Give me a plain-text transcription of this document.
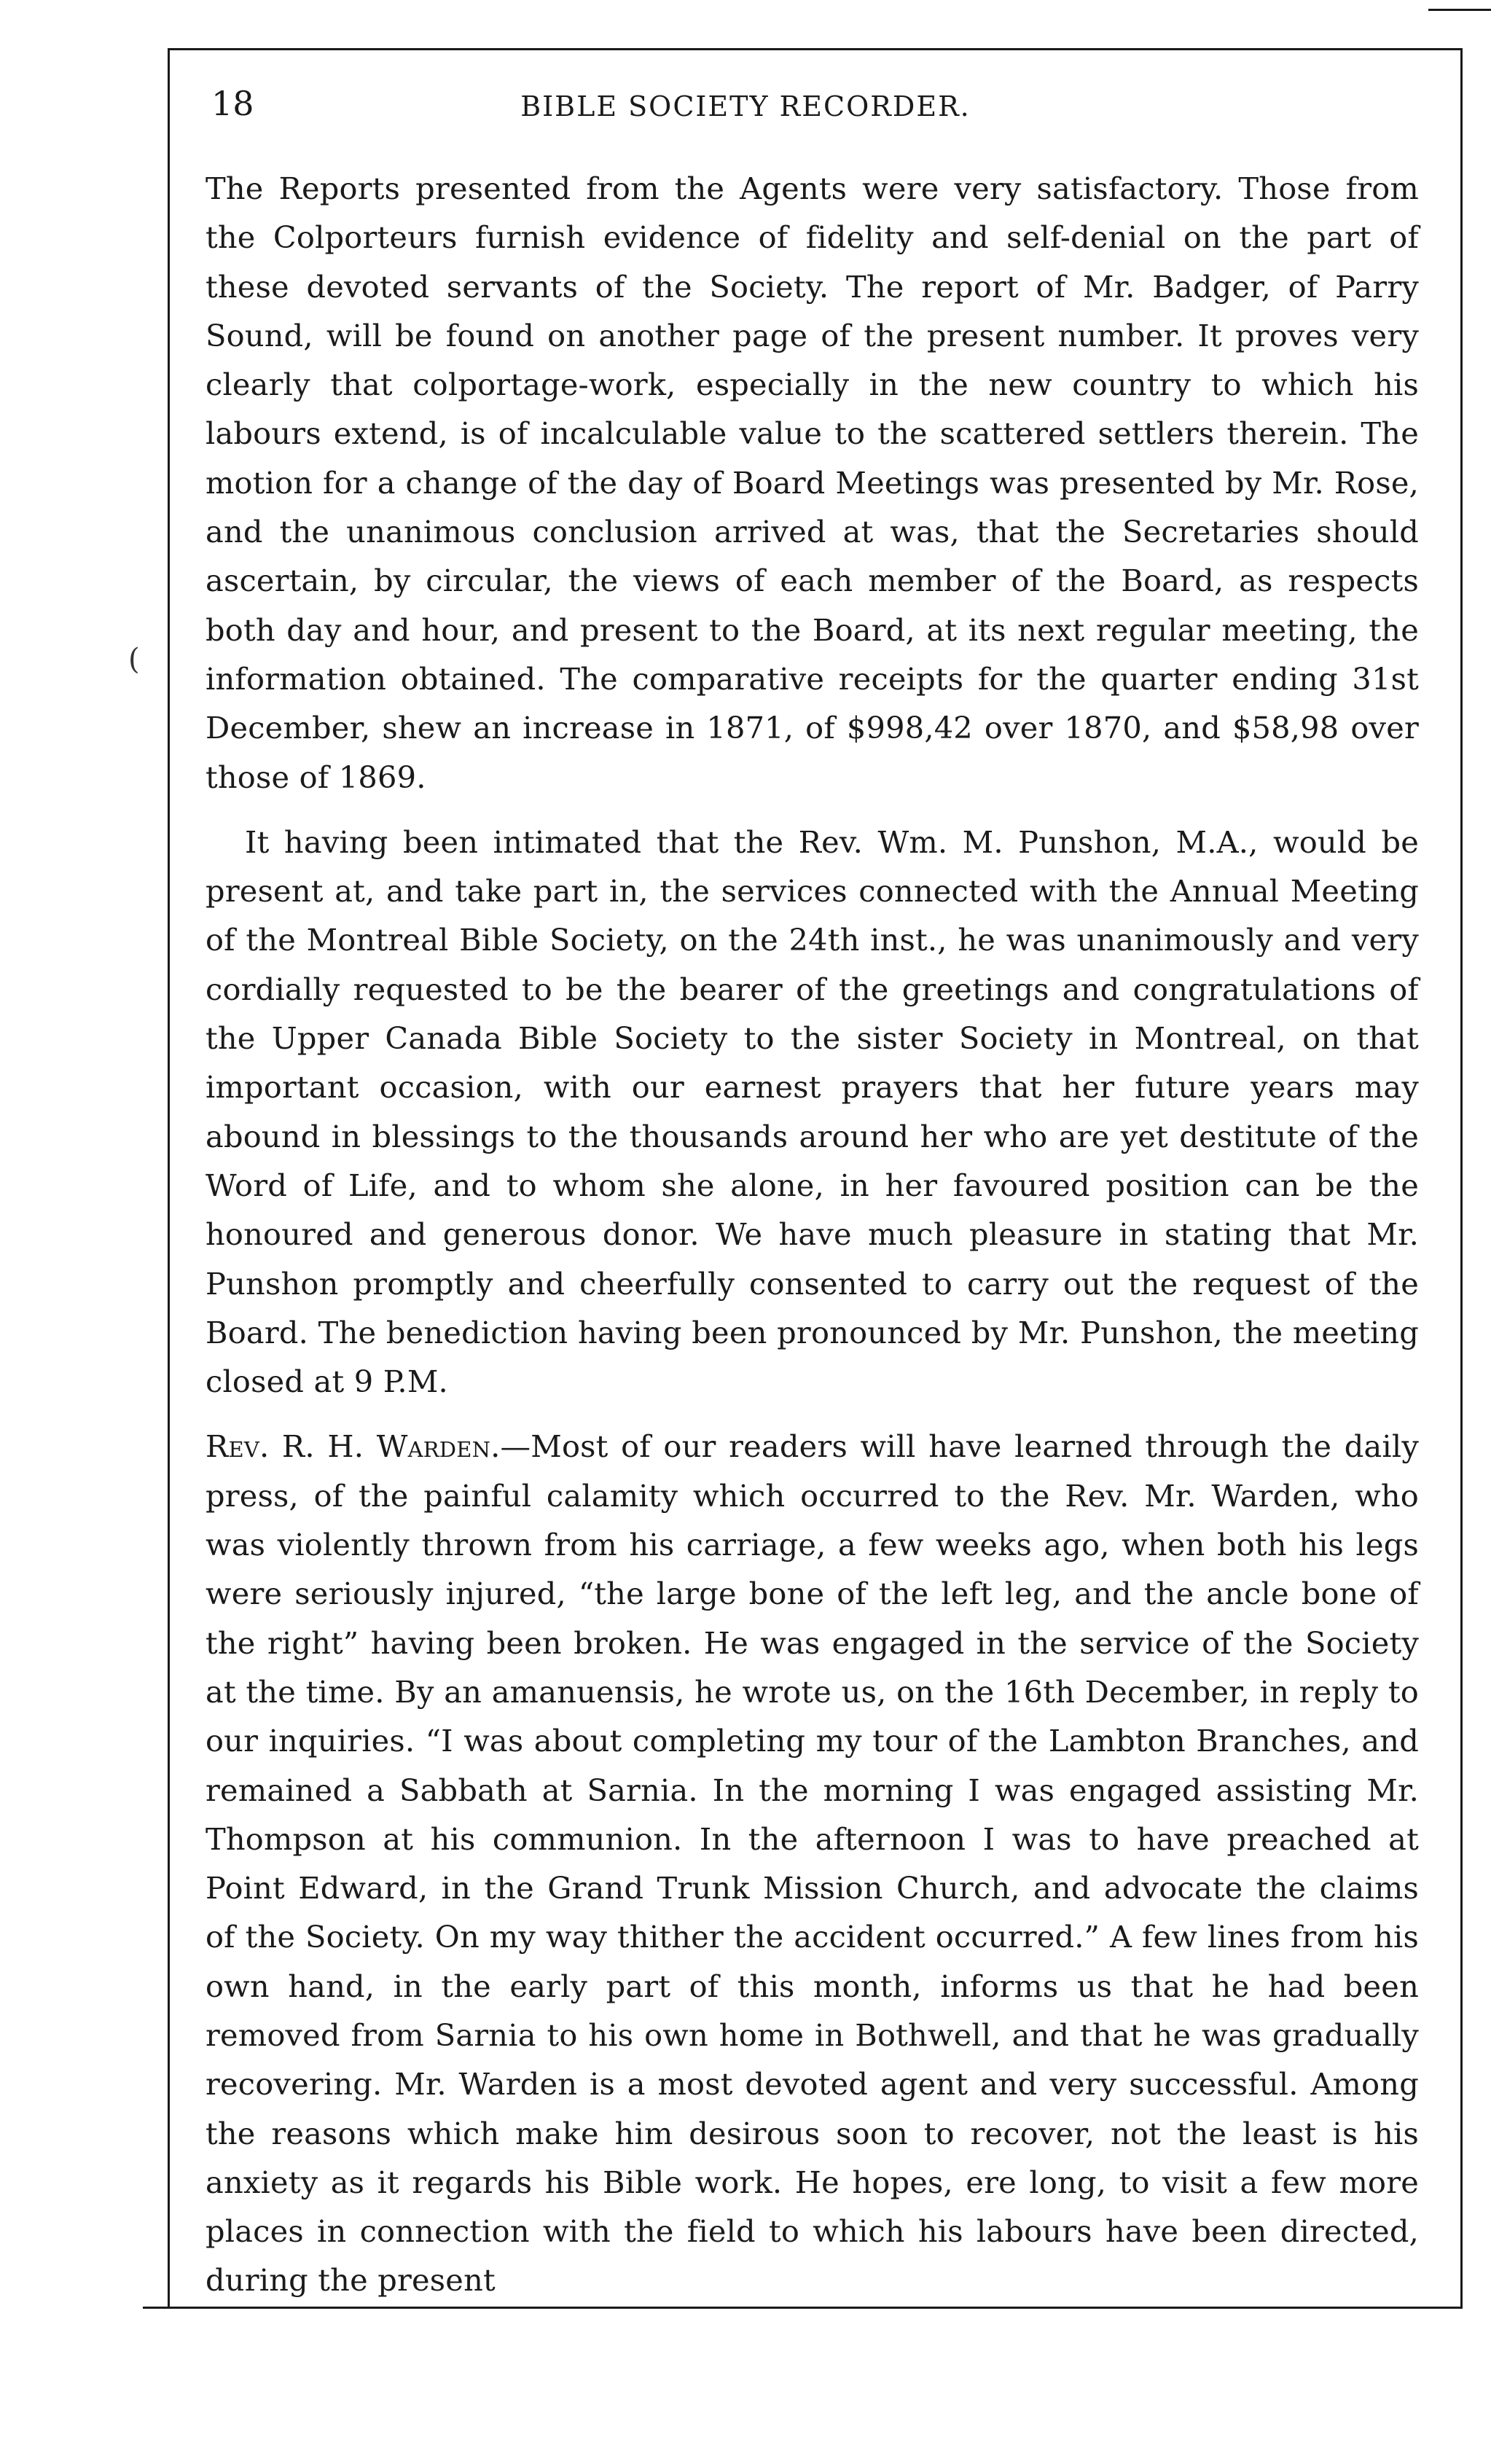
(
18	BIBLE SOCIETY RECORDER.

The Reports presented from the Agents were very satisfactory. Those from the Colporteurs furnish evidence of fidelity and self-denial on the part of these devoted servants of the Society. The report of Mr. Badger, of Parry Sound, will be found on another page of the present number. It proves very clearly that colportage-work, especially in the new country to which his labours extend, is of incalculable value to the scattered settlers therein. The motion for a change of the day of Board Meetings was presented by Mr. Rose, and the unanimous conclusion arrived at was, that the Secretaries should ascertain, by circular, the views of each member of the Board, as respects both day and hour, and present to the Board, at its next regular meeting, the information obtained. The comparative receipts for the quarter ending 31st December, shew an increase in 1871, of $998,42 over 1870, and $58,98 over those of 1869.

It having been intimated that the Rev. Wm. M. Punshon, M.A., would be present at, and take part in, the services connected with the Annual Meeting of the Montreal Bible Society, on the 24th inst., he was unanimously and very cordially requested to be the bearer of the greetings and congratulations of the Upper Canada Bible Society to the sister Society in Montreal, on that important occasion, with our earnest prayers that her future years may abound in blessings to the thousands around her who are yet destitute of the Word of Life, and to whom she alone, in her favoured position can be the honoured and generous donor. We have much pleasure in stating that Mr. Punshon promptly and cheerfully consented to carry out the request of the Board. The benediction having been pronounced by Mr. Punshon, the meeting closed at 9 P.M.

Rev. R. H. Warden.—Most of our readers will have learned through the daily press, of the painful calamity which occurred to the Rev. Mr. Warden, who was violently thrown from his carriage, a few weeks ago, when both his legs were seriously injured, “the large bone of the left leg, and the ancle bone of the right” having been broken. He was engaged in the service of the Society at the time. By an amanuensis, he wrote us, on the 16th December, in reply to our inquiries. “I was about completing my tour of the Lambton Branches, and remained a Sabbath at Sarnia. In the morning I was engaged assisting Mr. Thompson at his communion. In the afternoon I was to have preached at Point Edward, in the Grand Trunk Mission Church, and advocate the claims of the Society. On my way thither the accident occurred.” A few lines from his own hand, in the early part of this month, informs us that he had been removed from Sarnia to his own home in Bothwell, and that he was gradually recovering. Mr. Warden is a most devoted agent and very successful. Among the reasons which make him desirous soon to recover, not the least is his anxiety as it regards his Bible work. He hopes, ere long, to visit a few more places in connection with the field to which his labours have been directed, during the present
